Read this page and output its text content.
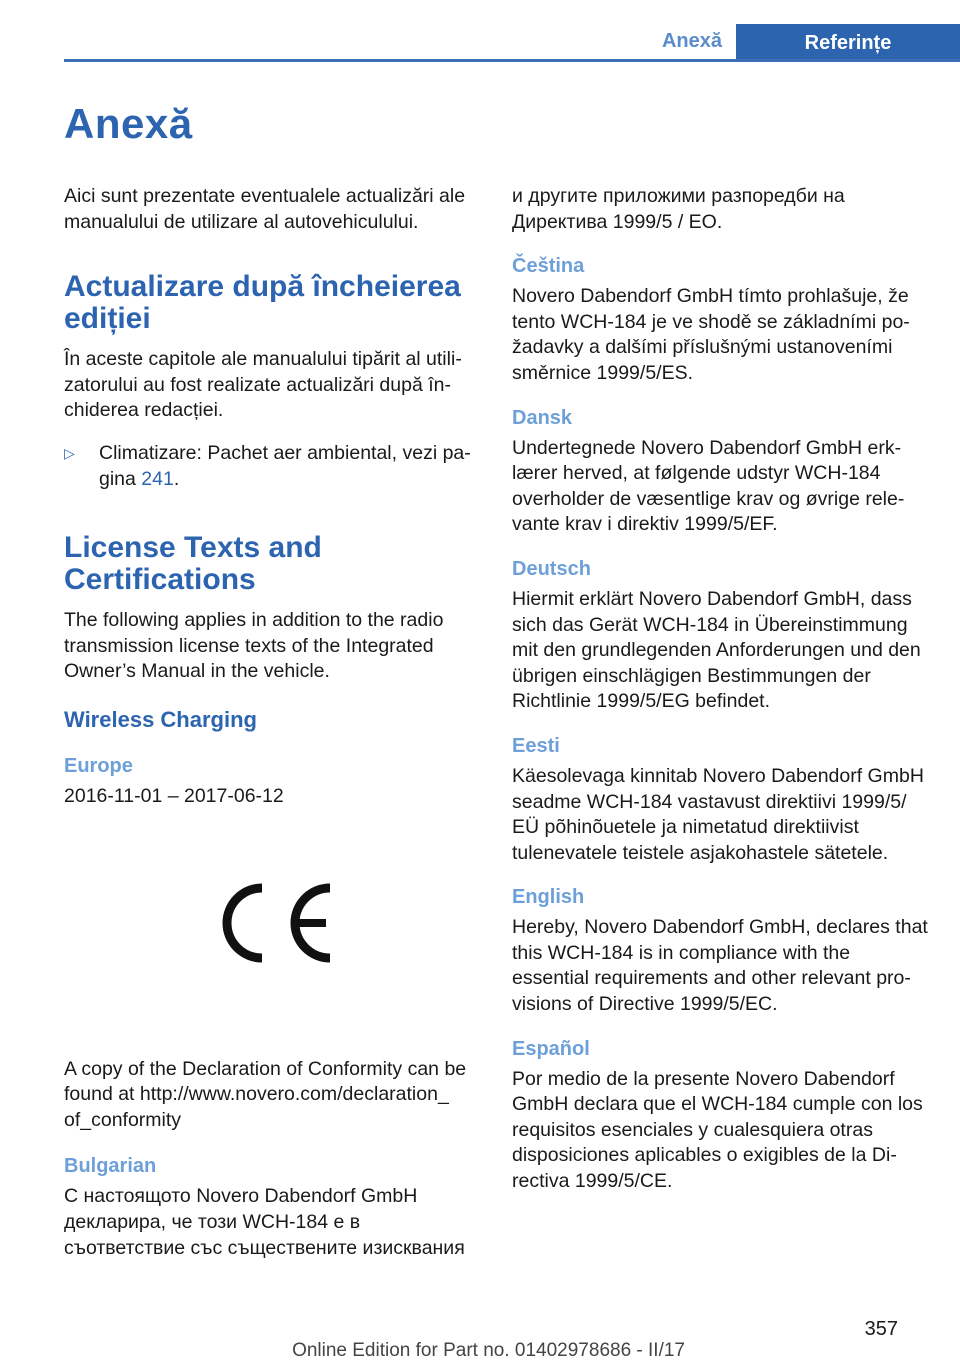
Anexă	Referințe
Anexă

Aici sunt prezentate eventualele actualizări ale manualului de utilizare al autovehiculului.

Actualizare după încheierea ediției

În aceste capitole ale manualului tipărit al utilizatorului au fost realizate actualizări după închiderea redacției.

▷ Climatizare: Pachet aer ambiental, vezi pagina 241.
License Texts and Certifications

The following applies in addition to the radio transmission license texts of the Integrated Owner’s Manual in the vehicle.

Wireless Charging
Europe

2016-11-01 – 2017-06-12

A copy of the Declaration of Conformity can be found at http://www.novero.com/declaration_ of_conformity

Bulgarian

С настоящото Novero Dabendorf GmbH декларира, че този WCH-184 е в съответствие със съществените изисквания

и другите приложими разпоредби на Директива 1999/5 / EO.

Čeština

Novero Dabendorf GmbH tímto prohlašuje, že tento WCH-184 je ve shodě se základními požadavky a dalšími příslušnými ustanoveními směrnice 1999/5/ES.

Dansk

Undertegnede Novero Dabendorf GmbH erklærer herved, at følgende udstyr WCH-184 overholder de væsentlige krav og øvrige relevante krav i direktiv 1999/5/EF.

Deutsch

Hiermit erklärt Novero Dabendorf GmbH, dass sich das Gerät WCH-184 in Übereinstimmung mit den grundlegenden Anforderungen und den übrigen einschlägigen Bestimmungen der Richtlinie 1999/5/EG befindet.

Eesti

Käesolevaga kinnitab Novero Dabendorf GmbH seadme WCH-184 vastavust direktiivi 1999/5/ EÜ põhinõuetele ja nimetatud direktiivist tulenevatele teistele asjakohastele sätetele.

English

Hereby, Novero Dabendorf GmbH, declares that this WCH-184 is in compliance with the essential requirements and other relevant provisions of Directive 1999/5/EC.

Español

Por medio de la presente Novero Dabendorf GmbH declara que el WCH-184 cumple con los requisitos esenciales y cualesquiera otras disposiciones aplicables o exigibles de la Directiva 1999/5/CE.

357
Online Edition for Part no. 01402978686 - II/17
